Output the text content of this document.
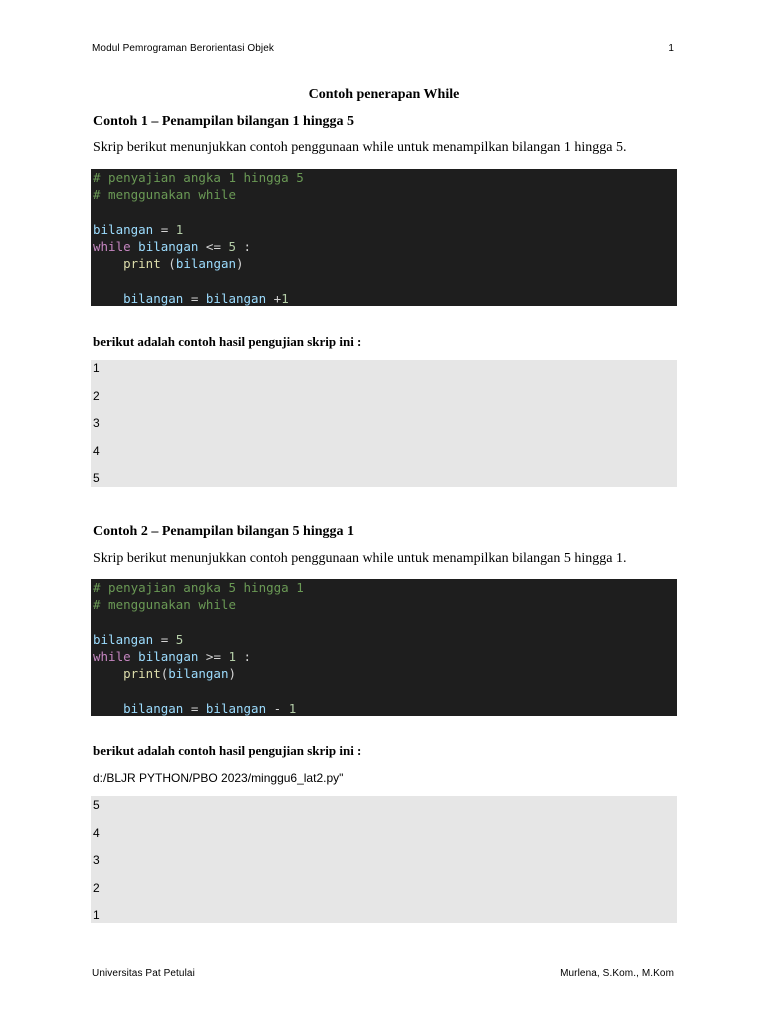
Modul Pemrograman Berorientasi Objek	1
Contoh penerapan While
Contoh 1 – Penampilan bilangan 1 hingga 5
Skrip berikut menunjukkan contoh penggunaan while untuk menampilkan bilangan 1 hingga 5.
# penyajian angka 1 hingga 5
# menggunakan while
bilangan = 1
while bilangan <= 5 :
print (bilangan)
bilangan = bilangan +1
berikut adalah contoh hasil pengujian skrip ini :
1
2
3
4
5
Contoh 2 – Penampilan bilangan 5 hingga 1
Skrip berikut menunjukkan contoh penggunaan while untuk menampilkan bilangan 5 hingga 1.
# penyajian angka 5 hingga 1
# menggunakan while
bilangan = 5
while bilangan >= 1 :
print(bilangan)
bilangan = bilangan - 1
berikut adalah contoh hasil pengujian skrip ini :
d:/BLJR PYTHON/PBO 2023/minggu6_lat2.py"
5
4
3
2
1
Universitas Pat Petulai	Murlena, S.Kom., M.Kom
